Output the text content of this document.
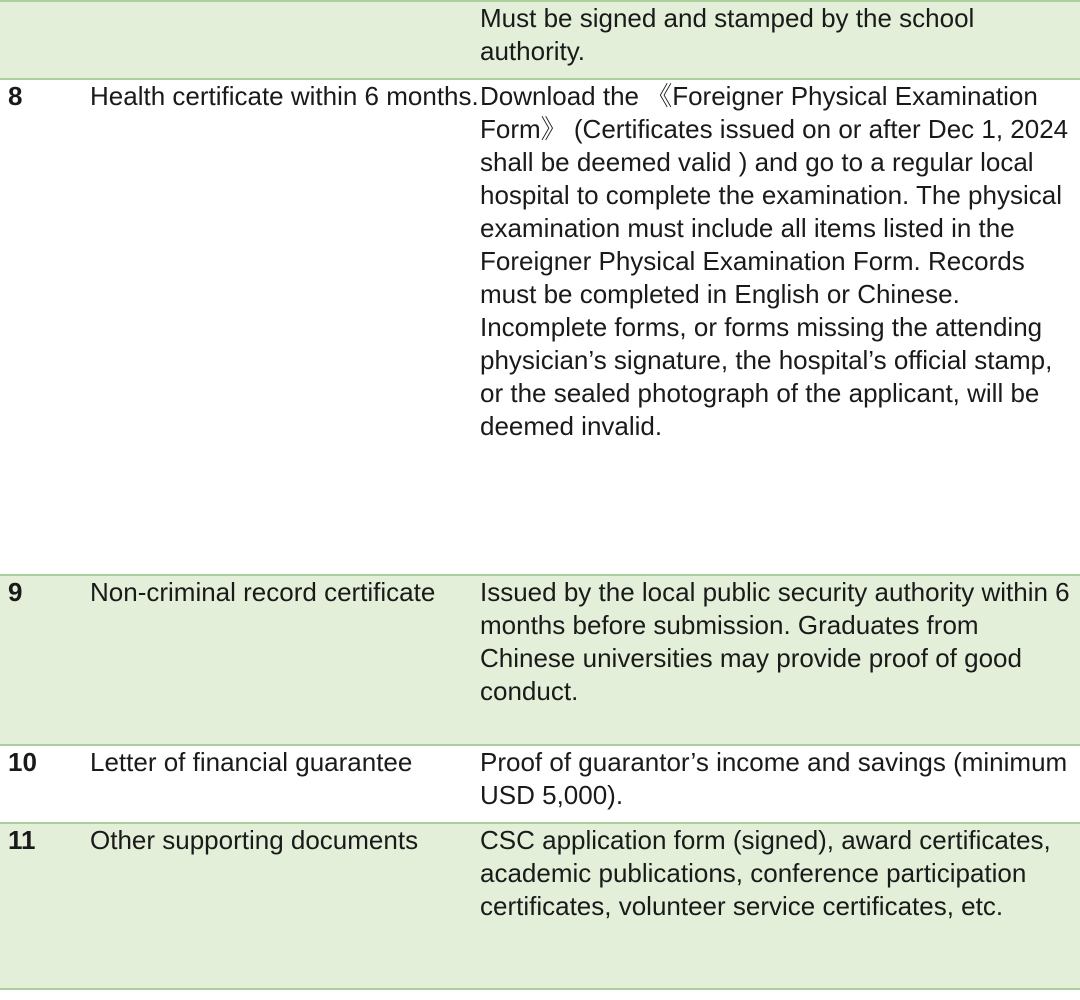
		Must be signed and stamped by the school authority.
8	Health certificate within 6 months.	Download the 《Foreigner Physical Examination Form》 (Certificates issued on or after Dec 1, 2024 shall be deemed valid ) and go to a regular local hospital to complete the examination. The physical examination must include all items listed in the Foreigner Physical Examination Form. Records must be completed in English or Chinese. Incomplete forms, or forms missing the attending physician’s signature, the hospital’s official stamp, or the sealed photograph of the applicant, will be deemed invalid.
9	Non-criminal record certificate	Issued by the local public security authority within 6 months before submission. Graduates from Chinese universities may provide proof of good conduct.
10	Letter of financial guarantee	Proof of guarantor’s income and savings (minimum USD 5,000).
11	Other supporting documents	CSC application form (signed), award certificates, academic publications, conference participation certificates, volunteer service certificates, etc.
